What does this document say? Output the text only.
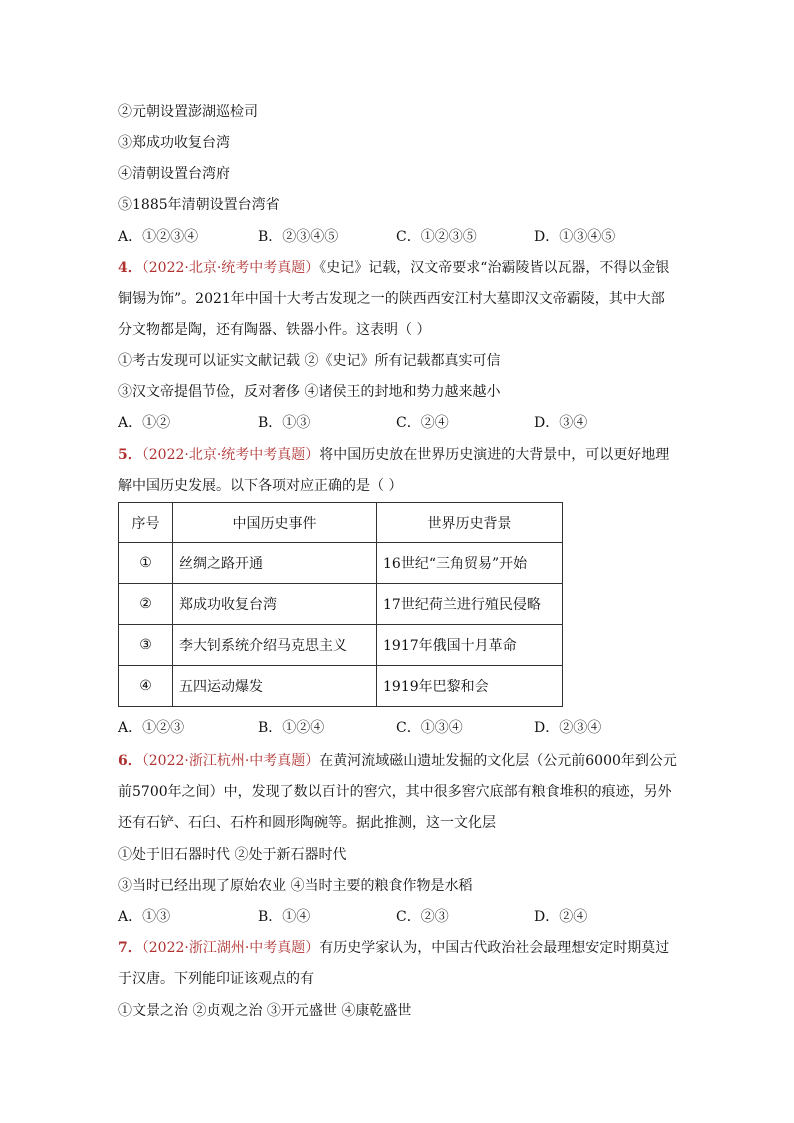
②元朝设置澎湖巡检司
③郑成功收复台湾
④清朝设置台湾府
⑤1885年清朝设置台湾省
A．①②③④	B．②③④⑤	C．①②③⑤	D．①③④⑤
4．（2022·北京·统考中考真题）《史记》记载，汉文帝要求“治霸陵皆以瓦器，不得以金银
铜锡为饰”。2021年中国十大考古发现之一的陕西西安江村大墓即汉文帝霸陵，其中大部
分文物都是陶，还有陶器、铁器小件。这表明（ ）
①考古发现可以证实文献记载 ②《史记》所有记载都真实可信
③汉文帝提倡节俭，反对奢侈 ④诸侯王的封地和势力越来越小
A．①②	B．①③	C．②④	D．③④
5．（2022·北京·统考中考真题）将中国历史放在世界历史演进的大背景中，可以更好地理
解中国历史发展。以下各项对应正确的是（ ）
序号	中国历史事件	世界历史背景
①	丝绸之路开通	16世纪“三角贸易”开始
②	郑成功收复台湾	17世纪荷兰进行殖民侵略
③	李大钊系统介绍马克思主义	1917年俄国十月革命
④	五四运动爆发	1919年巴黎和会
A．①②③	B．①②④	C．①③④	D．②③④
6．（2022·浙江杭州·中考真题）在黄河流域磁山遗址发掘的文化层（公元前6000年到公元
前5700年之间）中，发现了数以百计的窖穴，其中很多窖穴底部有粮食堆积的痕迹，另外
还有石铲、石臼、石杵和圆形陶碗等。据此推测，这一文化层
①处于旧石器时代 ②处于新石器时代
③当时已经出现了原始农业 ④当时主要的粮食作物是水稻
A．①③	B．①④	C．②③	D．②④
7．（2022·浙江湖州·中考真题）有历史学家认为，中国古代政治社会最理想安定时期莫过
于汉唐。下列能印证该观点的有
①文景之治 ②贞观之治 ③开元盛世 ④康乾盛世
